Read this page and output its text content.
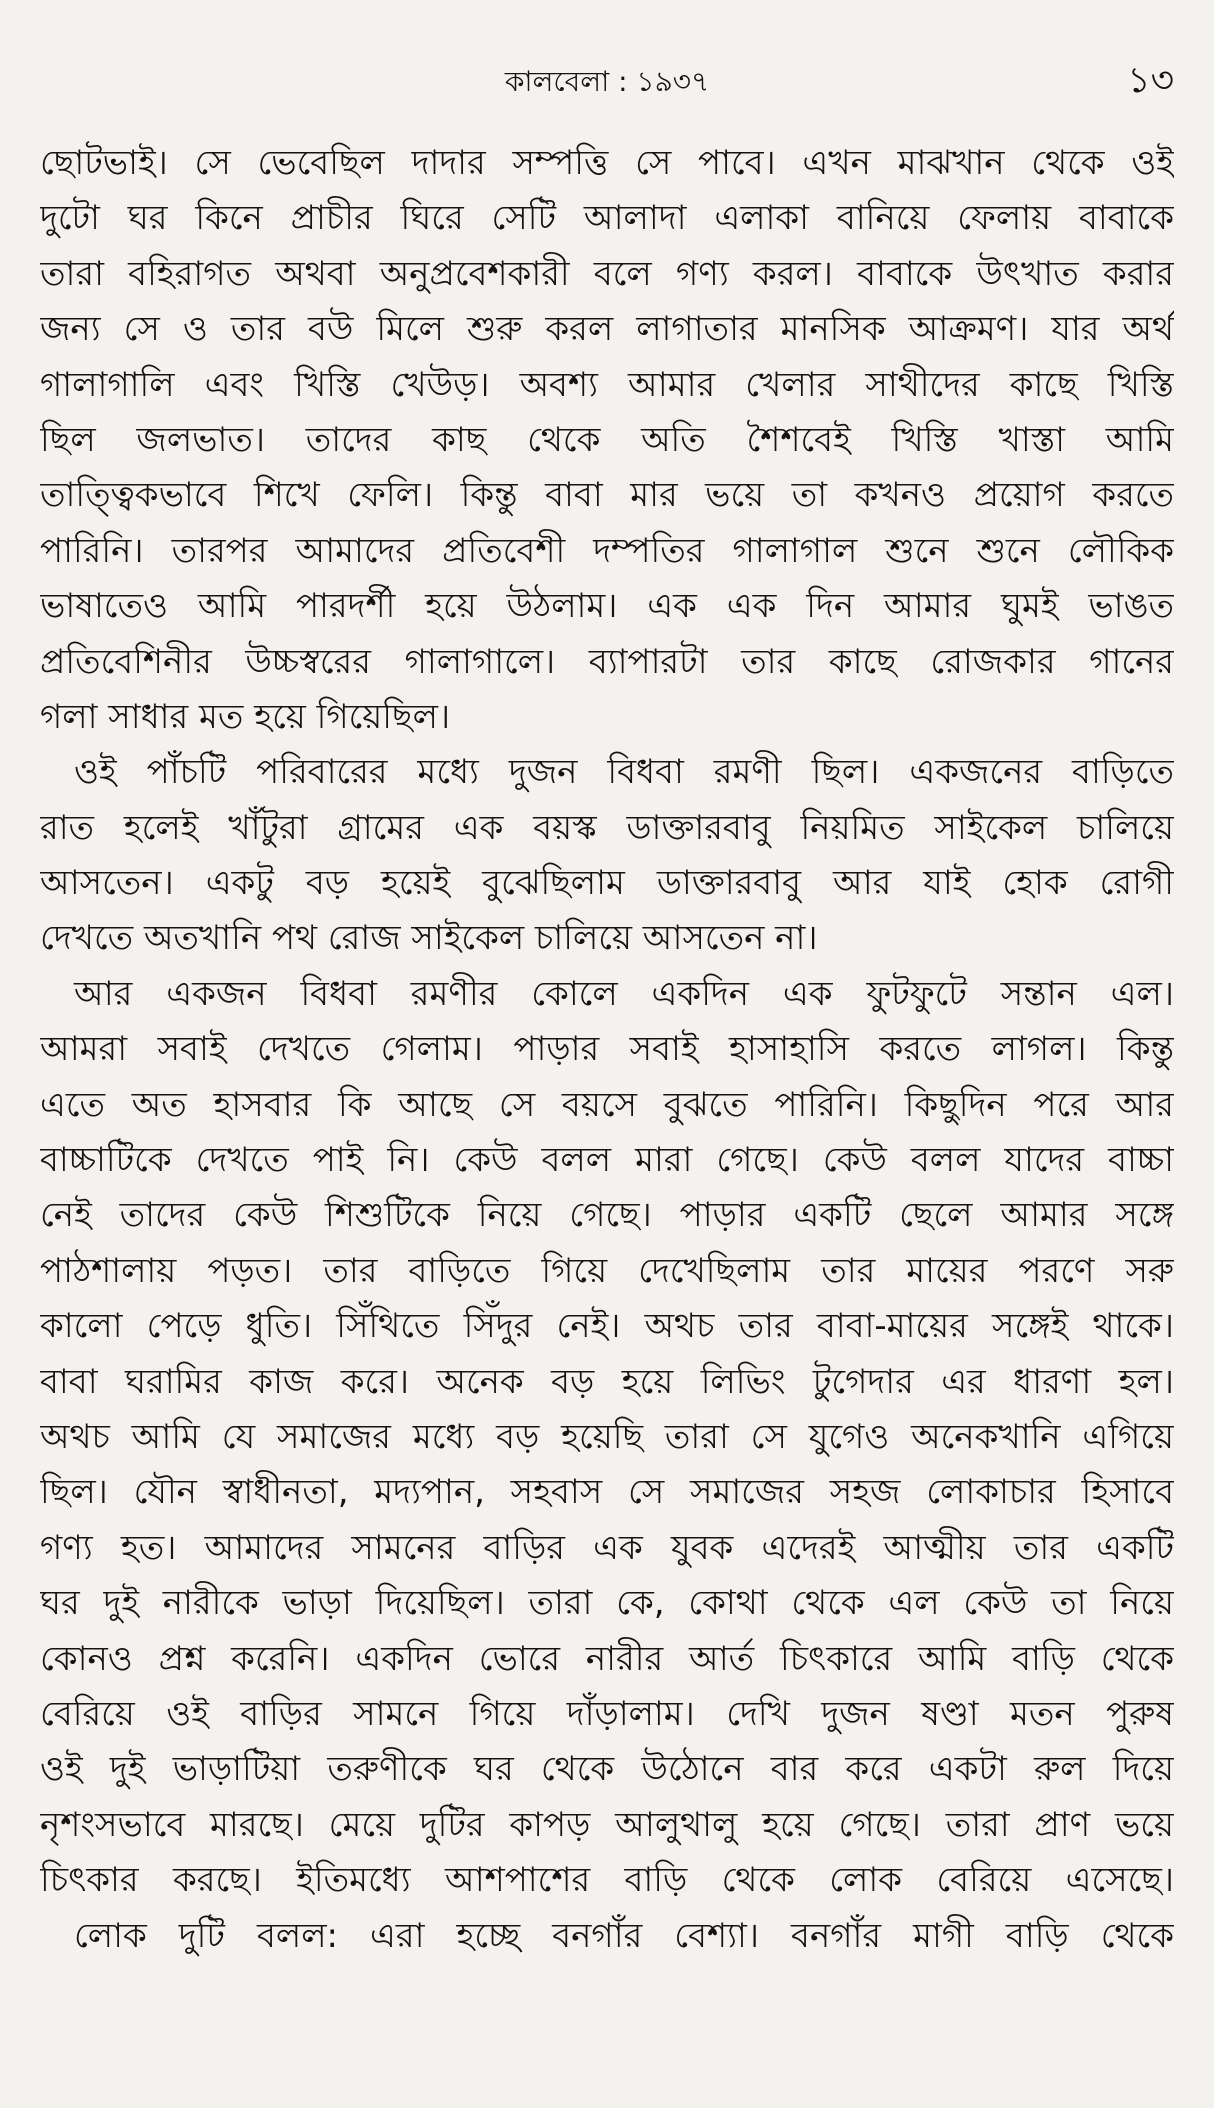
কালবেলা : ১৯৩৭	১৩
ছোটভাই। সে ভেবেছিল দাদার সম্পত্তি সে পাবে। এখন মাঝখান থেকে ওই
দুটো ঘর কিনে প্রাচীর ঘিরে সেটি আলাদা এলাকা বানিয়ে ফেলায় বাবাকে
তারা বহিরাগত অথবা অনুপ্রবেশকারী বলে গণ্য করল। বাবাকে উৎখাত করার
জন্য সে ও তার বউ মিলে শুরু করল লাগাতার মানসিক আক্রমণ। যার অর্থ
গালাগালি এবং খিস্তি খেউড়। অবশ্য আমার খেলার সাথীদের কাছে খিস্তি
ছিল জলভাত। তাদের কাছ থেকে অতি শৈশবেই খিস্তি খাস্তা আমি
তাত্ত্বিকভাবে শিখে ফেলি। কিন্তু বাবা মার ভয়ে তা কখনও প্রয়োগ করতে
পারিনি। তারপর আমাদের প্রতিবেশী দম্পতির গালাগাল শুনে শুনে লৌকিক
ভাষাতেও আমি পারদর্শী হয়ে উঠলাম। এক এক দিন আমার ঘুমই ভাঙত
প্রতিবেশিনীর উচ্চস্বরের গালাগালে। ব্যাপারটা তার কাছে রোজকার গানের
গলা সাধার মত হয়ে গিয়েছিল।
ওই পাঁচটি পরিবারের মধ্যে দুজন বিধবা রমণী ছিল। একজনের বাড়িতে
রাত হলেই খাঁটুরা গ্রামের এক বয়স্ক ডাক্তারবাবু নিয়মিত সাইকেল চালিয়ে
আসতেন। একটু বড় হয়েই বুঝেছিলাম ডাক্তারবাবু আর যাই হোক রোগী
দেখতে অতখানি পথ রোজ সাইকেল চালিয়ে আসতেন না।
আর একজন বিধবা রমণীর কোলে একদিন এক ফুটফুটে সন্তান এল।
আমরা সবাই দেখতে গেলাম। পাড়ার সবাই হাসাহাসি করতে লাগল। কিন্তু
এতে অত হাসবার কি আছে সে বয়সে বুঝতে পারিনি। কিছুদিন পরে আর
বাচ্চাটিকে দেখতে পাই নি। কেউ বলল মারা গেছে। কেউ বলল যাদের বাচ্চা
নেই তাদের কেউ শিশুটিকে নিয়ে গেছে। পাড়ার একটি ছেলে আমার সঙ্গে
পাঠশালায় পড়ত। তার বাড়িতে গিয়ে দেখেছিলাম তার মায়ের পরণে সরু
কালো পেড়ে ধুতি। সিঁথিতে সিঁদুর নেই। অথচ তার বাবা-মায়ের সঙ্গেই থাকে।
বাবা ঘরামির কাজ করে। অনেক বড় হয়ে লিভিং টুগেদার এর ধারণা হল।
অথচ আমি যে সমাজের মধ্যে বড় হয়েছি তারা সে যুগেও অনেকখানি এগিয়ে
ছিল। যৌন স্বাধীনতা, মদ্যপান, সহবাস সে সমাজের সহজ লোকাচার হিসাবে
গণ্য হত। আমাদের সামনের বাড়ির এক যুবক এদেরই আত্মীয় তার একটি
ঘর দুই নারীকে ভাড়া দিয়েছিল। তারা কে, কোথা থেকে এল কেউ তা নিয়ে
কোনও প্রশ্ন করেনি। একদিন ভোরে নারীর আর্ত চিৎকারে আমি বাড়ি থেকে
বেরিয়ে ওই বাড়ির সামনে গিয়ে দাঁড়ালাম। দেখি দুজন ষণ্ডা মতন পুরুষ
ওই দুই ভাড়াটিয়া তরুণীকে ঘর থেকে উঠোনে বার করে একটা রুল দিয়ে
নৃশংসভাবে মারছে। মেয়ে দুটির কাপড় আলুথালু হয়ে গেছে। তারা প্রাণ ভয়ে
চিৎকার করছে। ইতিমধ্যে আশপাশের বাড়ি থেকে লোক বেরিয়ে এসেছে।
লোক দুটি বলল: এরা হচ্ছে বনগাঁর বেশ্যা। বনগাঁর মাগী বাড়ি থেকে
